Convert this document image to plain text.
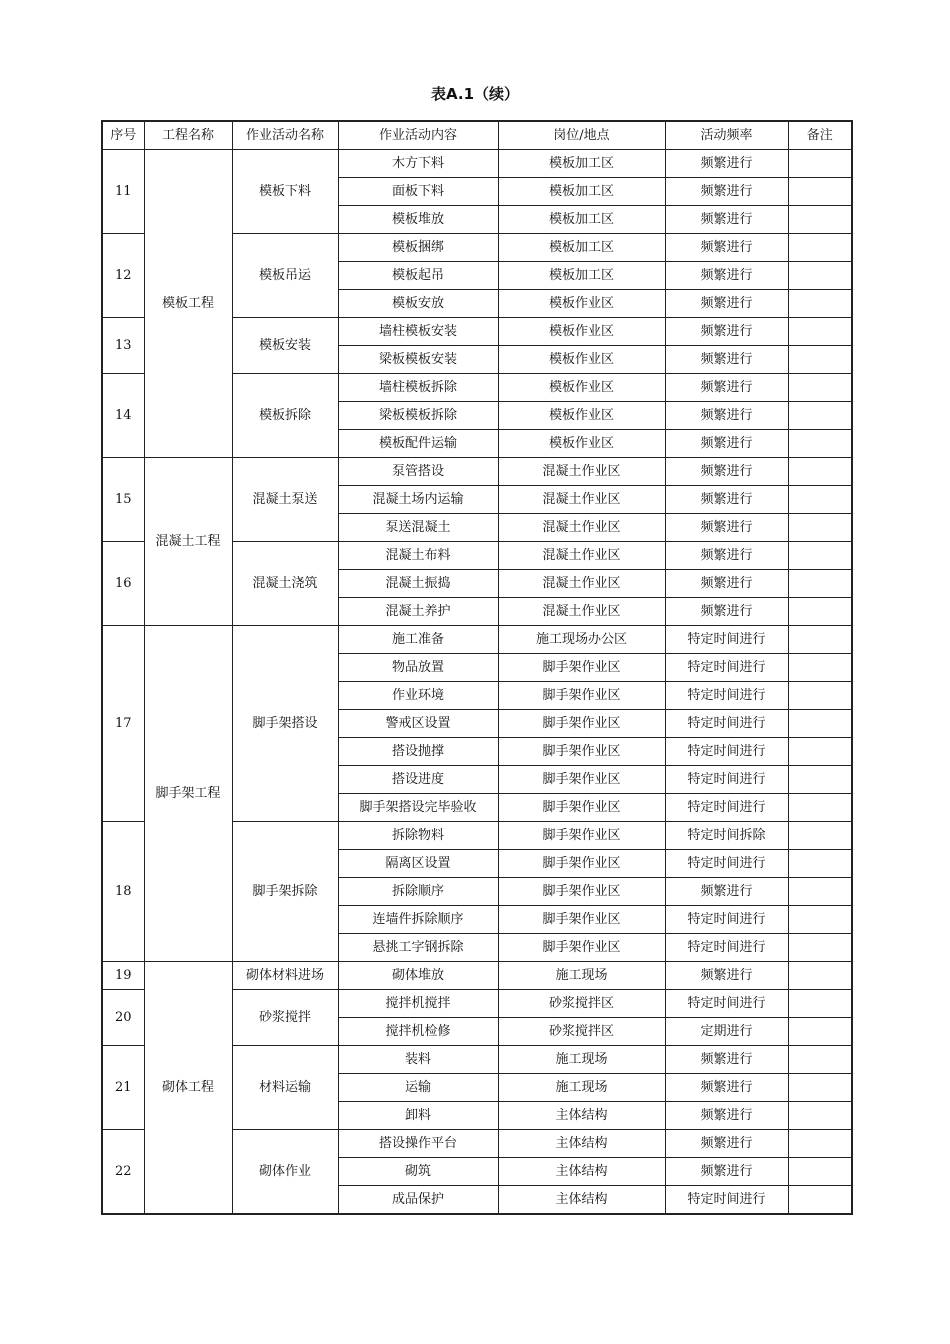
表A.1（续）
序号	工程名称	作业活动名称	作业活动内容	岗位/地点	活动频率	备注
11	模板工程	模板下料	木方下料	模板加工区	频繁进行	
			面板下料	模板加工区	频繁进行	
			模板堆放	模板加工区	频繁进行	
12		模板吊运	模板捆绑	模板加工区	频繁进行	
			模板起吊	模板加工区	频繁进行	
			模板安放	模板作业区	频繁进行	
13		模板安装	墙柱模板安装	模板作业区	频繁进行	
			梁板模板安装	模板作业区	频繁进行	
14		模板拆除	墙柱模板拆除	模板作业区	频繁进行	
			梁板模板拆除	模板作业区	频繁进行	
			模板配件运输	模板作业区	频繁进行	
15	混凝土工程	混凝土泵送	泵管搭设	混凝土作业区	频繁进行	
			混凝土场内运输	混凝土作业区	频繁进行	
			泵送混凝土	混凝土作业区	频繁进行	
16		混凝土浇筑	混凝土布料	混凝土作业区	频繁进行	
			混凝土振捣	混凝土作业区	频繁进行	
			混凝土养护	混凝土作业区	频繁进行	
17	脚手架工程	脚手架搭设	施工准备	施工现场办公区	特定时间进行	
			物品放置	脚手架作业区	特定时间进行	
			作业环境	脚手架作业区	特定时间进行	
			警戒区设置	脚手架作业区	特定时间进行	
			搭设抛撑	脚手架作业区	特定时间进行	
			搭设进度	脚手架作业区	特定时间进行	
			脚手架搭设完毕验收	脚手架作业区	特定时间进行	
18		脚手架拆除	拆除物料	脚手架作业区	特定时间拆除	
			隔离区设置	脚手架作业区	特定时间进行	
			拆除顺序	脚手架作业区	频繁进行	
			连墙件拆除顺序	脚手架作业区	特定时间进行	
			悬挑工字钢拆除	脚手架作业区	特定时间进行	
19	砌体工程	砌体材料进场	砌体堆放	施工现场	频繁进行	
20		砂浆搅拌	搅拌机搅拌	砂浆搅拌区	特定时间进行	
			搅拌机检修	砂浆搅拌区	定期进行	
21		材料运输	装料	施工现场	频繁进行	
			运输	施工现场	频繁进行	
			卸料	主体结构	频繁进行	
22		砌体作业	搭设操作平台	主体结构	频繁进行	
			砌筑	主体结构	频繁进行	
			成品保护	主体结构	特定时间进行	
